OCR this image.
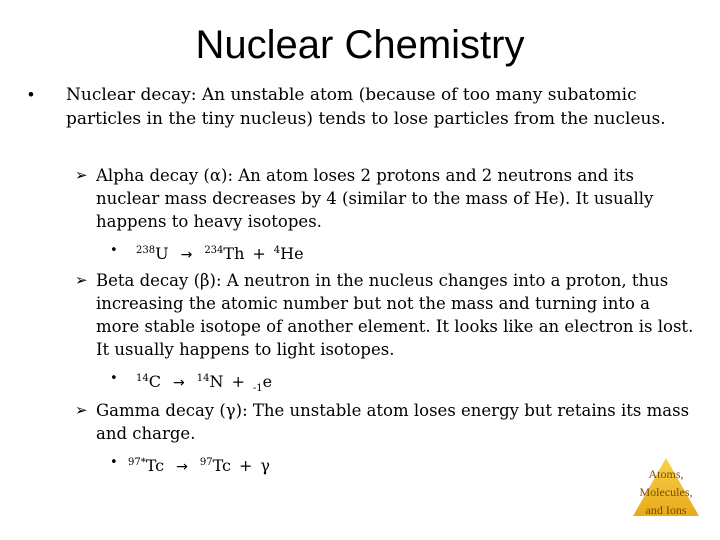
Nuclear Chemistry
• Nuclear decay: An unstable atom (because of too many subatomic particles in the tiny nucleus) tends to lose particles from the nucleus.
➢ Alpha decay (α): An atom loses 2 protons and 2 neutrons and its nuclear mass decreases by 4 (similar to the mass of He). It usually happens to heavy isotopes.
• $^{238}$U → $^{234}$Th + $^4$He
➢ Beta decay (β): A neutron in the nucleus changes into a proton, thus increasing the atomic number but not the mass and turning into a more stable isotope of another element. It looks like an electron is lost. It usually happens to light isotopes.
• $^{14}$C → $^{14}$N + $_{-1}$e
➢ Gamma decay (γ): The unstable atom loses energy but retains its mass and charge.
• $^{97*}$Tc → $^{97}$Tc + γ	Atoms,
Molecules,
and Ions
